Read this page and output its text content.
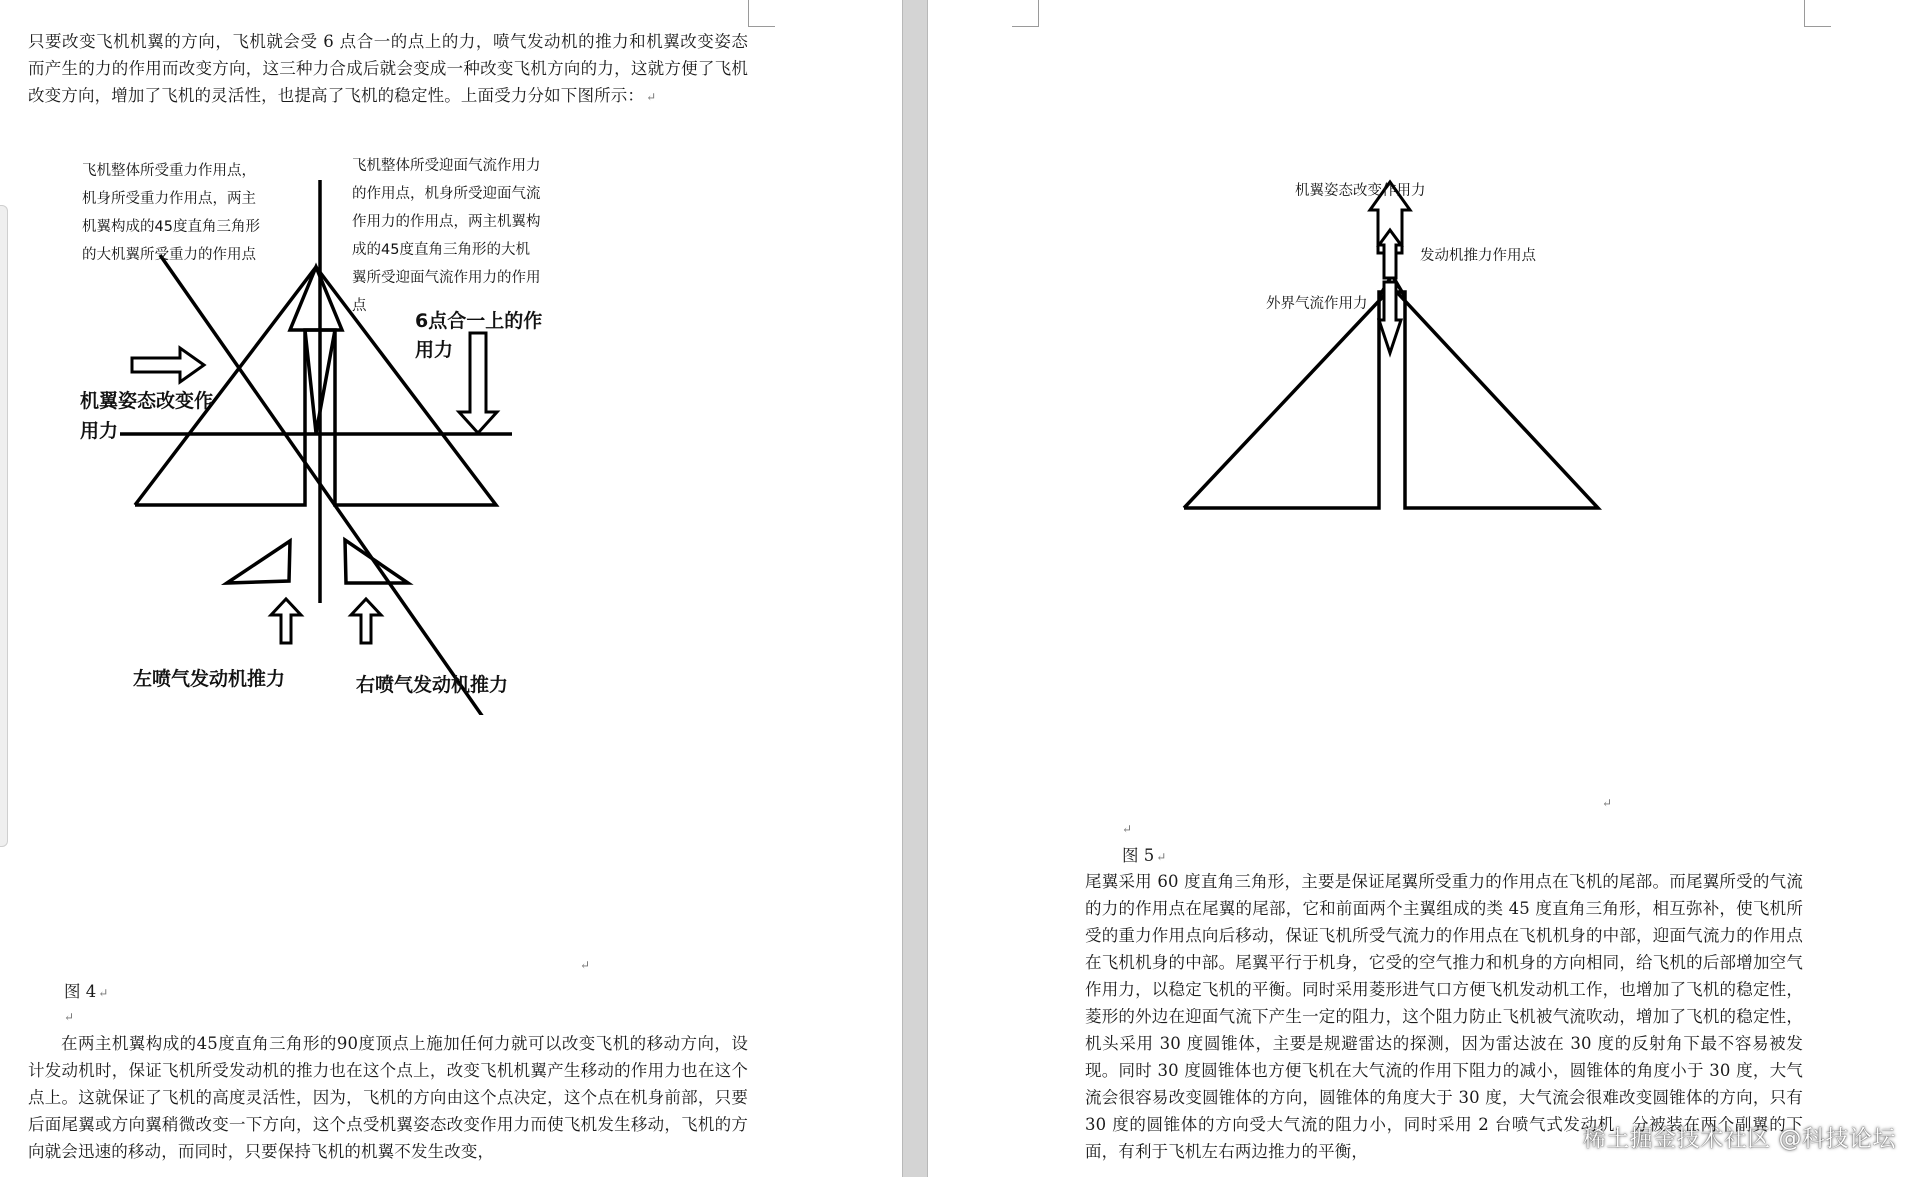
只要改变飞机机翼的方向，飞机就会受 6 点合一的点上的力，喷气发动机的推力和机翼改变姿态而产生的力的作用而改变方向，这三种力合成后就会变成一种改变飞机方向的力，这就方便了飞机改变方向，增加了飞机的灵活性，也提高了飞机的稳定性。上面受力分如下图所示： ↵
飞机整体所受重力作用点， 机身所受重力作用点，两主 机翼构成的45度直角三角形 的大机翼所受重力的作用点
飞机整体所受迎面气流作用力 的作用点，机身所受迎面气流 作用力的作用点，两主机翼构 成的45度直角三角形的大机 翼所受迎面气流作用力的作用 点
6点合一上的作 用力
机翼姿态改变作 用力
左喷气发动机推力	右喷气发动机推力
↵
图 4 ↵
↵
在两主机翼构成的45度直角三角形的90度顶点上施加任何力就可以改变飞机的移动方向，设计发动机时，保证飞机所受发动机的推力也在这个点上，改变飞机机翼产生移动的作用力也在这个点上。这就保证了飞机的高度灵活性，因为，飞机的方向由这个点决定，这个点在机身前部，只要后面尾翼或方向翼稍微改变一下方向，这个点受机翼姿态改变作用力而使飞机发生移动，飞机的方向就会迅速的移动，而同时，只要保持飞机的机翼不发生改变，
机翼姿态改变作用力
发动机推力作用点
外界气流作用力
↵
↵
图 5 ↵
尾翼采用 60 度直角三角形，主要是保证尾翼所受重力的作用点在飞机的尾部。而尾翼所受的气流的力的作用点在尾翼的尾部，它和前面两个主翼组成的类 45 度直角三角形，相互弥补，使飞机所受的重力作用点向后移动，保证飞机所受气流力的作用点在飞机机身的中部，迎面气流力的作用点在飞机机身的中部。尾翼平行于机身，它受的空气推力和机身的方向相同，给飞机的后部增加空气作用力，以稳定飞机的平衡。同时采用菱形进气口方便飞机发动机工作，也增加了飞机的稳定性，菱形的外边在迎面气流下产生一定的阻力，这个阻力防止飞机被气流吹动，增加了飞机的稳定性，机头采用 30 度圆锥体，主要是规避雷达的探测，因为雷达波在 30 度的反射角下最不容易被发现。同时 30 度圆锥体也方便飞机在大气流的作用下阻力的减小，圆锥体的角度小于 30 度，大气流会很容易改变圆锥体的方向，圆锥体的角度大于 30 度，大气流会很难改变圆锥体的方向，只有 30 度的圆锥体的方向受大气流的阻力小，同时采用 2 台喷气式发动机，分被装在两个副翼的下面，有利于飞机左右两边推力的平衡，	稀土掘金技术社区 @科技论坛
